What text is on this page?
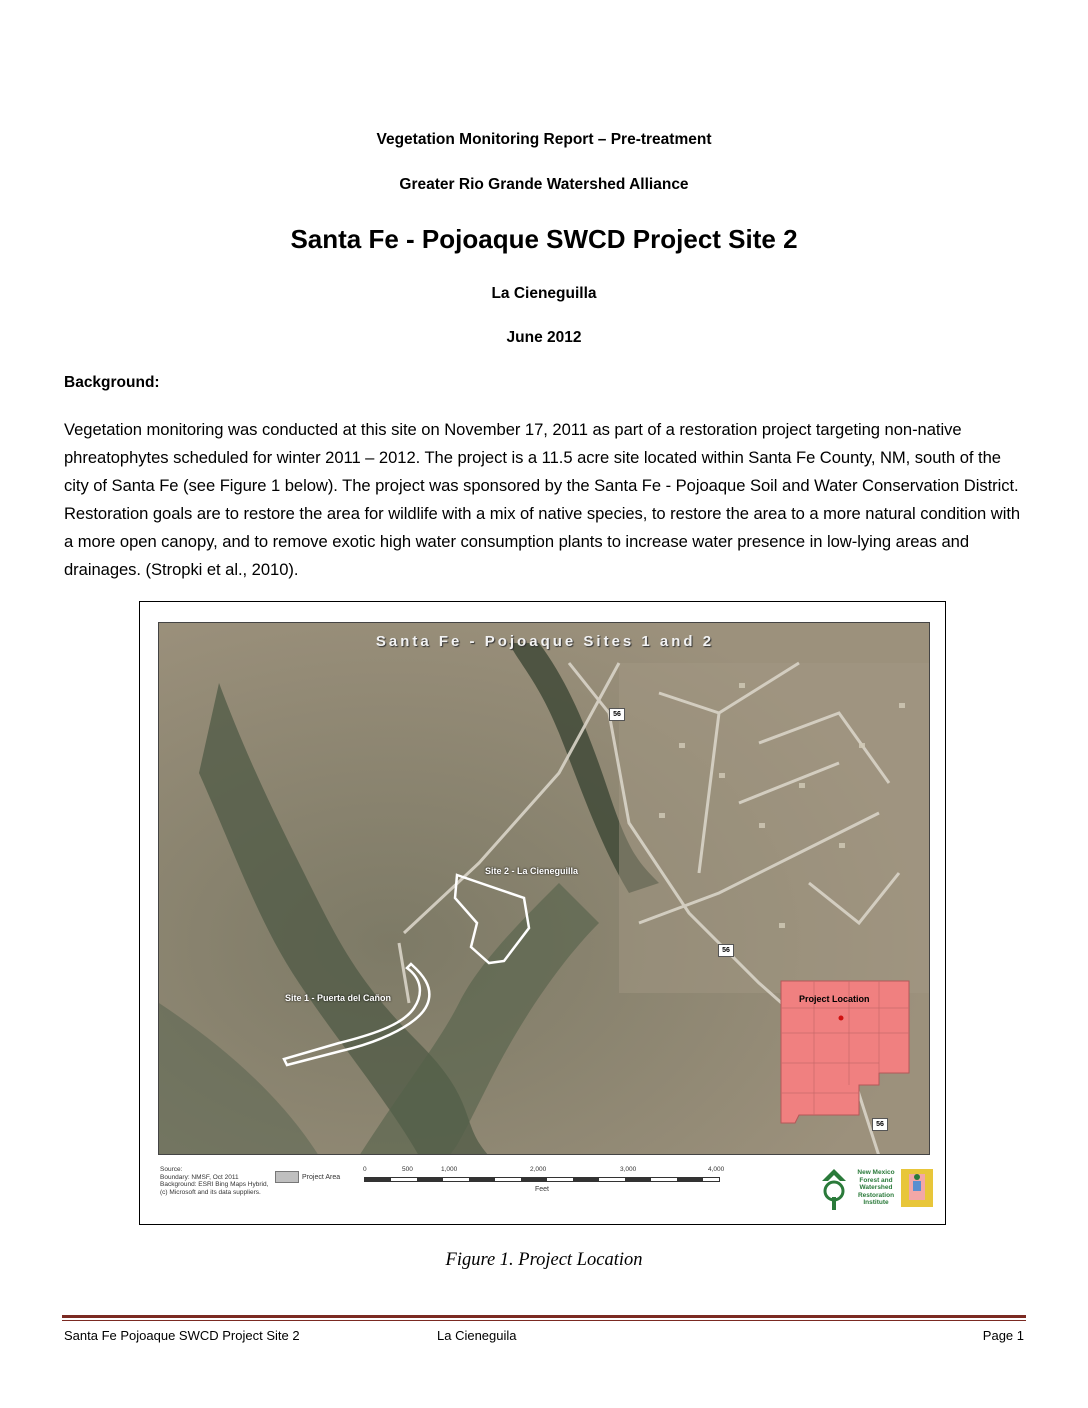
Vegetation Monitoring Report – Pre-treatment
Greater Rio Grande Watershed Alliance
Santa Fe - Pojoaque SWCD Project Site 2
La Cieneguilla
June 2012
Background:

Vegetation monitoring was conducted at this site on November 17, 2011 as part of a restoration project targeting non-native phreatophytes scheduled for winter 2011 – 2012. The project is a 11.5 acre site located within Santa Fe County, NM, south of the city of Santa Fe (see Figure 1 below). The project was sponsored by the Santa Fe - Pojoaque Soil and Water Conservation District. Restoration goals are to restore the area for wildlife with a mix of native species, to restore the area to a more natural condition with a more open canopy, and to remove exotic high water consumption plants to increase water presence in low-lying areas and drainages. (Stropki et al., 2010).

Santa Fe - Pojoaque Sites 1 and 2
Site 2 - La Cieneguilla
Site 1 - Puerta del Cañon	Project Location
56
56
56
Source:
Boundary: NMSF, Oct 2011
Background: ESRI Bing Maps Hybrid,
(c) Microsoft and its data suppliers.
Project Area
0	500	1,000	2,000	3,000	4,000
Feet
New Mexico Forest and Watershed Restoration Institute
Figure 1. Project Location
Santa Fe Pojoaque SWCD Project Site 2	La Cieneguila	Page 1
